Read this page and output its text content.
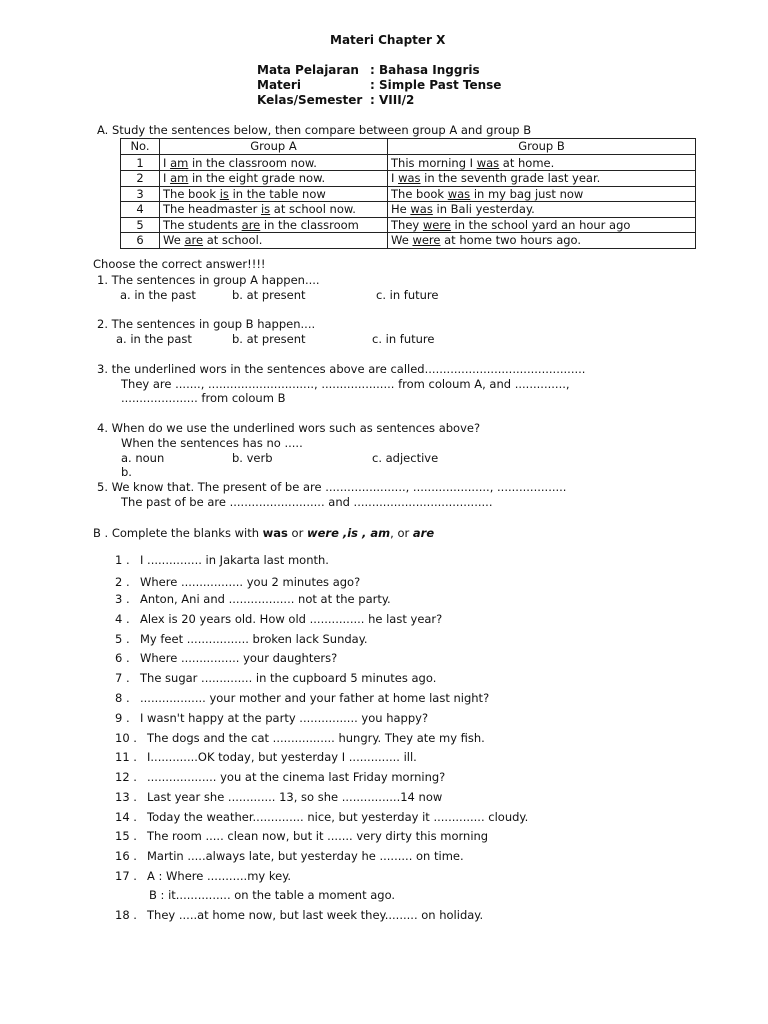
Materi Chapter X
Mata Pelajaran : Bahasa Inggris
Materi	: Simple Past Tense
Kelas/Semester : VIII/2
A. Study the sentences below, then compare between group A and group B
No.	Group A	Group B
1	I am in the classroom now.	This morning I was at home.
2	I am in the eight grade now.	I was in the seventh grade last year.
3	The book is in the table now	The book was in my bag just now
4	The headmaster is at school now.	He was in Bali yesterday.
5	The students are in the classroom	They were in the school yard an hour ago
6	We are at school.	We were at home two hours ago.
Choose the correct answer!!!!
1. The sentences in group A happen....
a. in the past	b. at present	c. in future
2. The sentences in goup B happen....
a. in the past	b. at present	c. in future
3. the underlined wors in the sentences above are called............................................
They are ......., ............................., .................... from coloum A, and ..............,
..................... from coloum B
4. When do we use the underlined wors such as sentences above?
When the sentences has no .....
a. noun	b. verb	c. adjective
b.
5. We know that. The present of be are ......................, ....................., ...................
The past of be are .......................... and ......................................
B . Complete the blanks with was or were ,is , am, or are
1 . I ............... in Jakarta last month.
2 . Where ................. you 2 minutes ago?
3 . Anton, Ani and .................. not at the party.
4 . Alex is 20 years old. How old ............... he last year?
5 . My feet ................. broken lack Sunday.
6 . Where ................ your daughters?
7 . The sugar .............. in the cupboard 5 minutes ago.
8 . .................. your mother and your father at home last night?
9 . I wasn't happy at the party ................ you happy?
10 . The dogs and the cat ................. hungry. They ate my fish.
11 . I.............OK today, but yesterday I .............. ill.
12 . ................... you at the cinema last Friday morning?
13 . Last year she ............. 13, so she ................14 now
14 . Today the weather.............. nice, but yesterday it .............. cloudy.
15 . The room ..... clean now, but it ....... very dirty this morning
16 . Martin .....always late, but yesterday he ......... on time.
17 . A : Where ...........my key.
B : it............... on the table a moment ago.
18 . They .....at home now, but last week they......... on holiday.
